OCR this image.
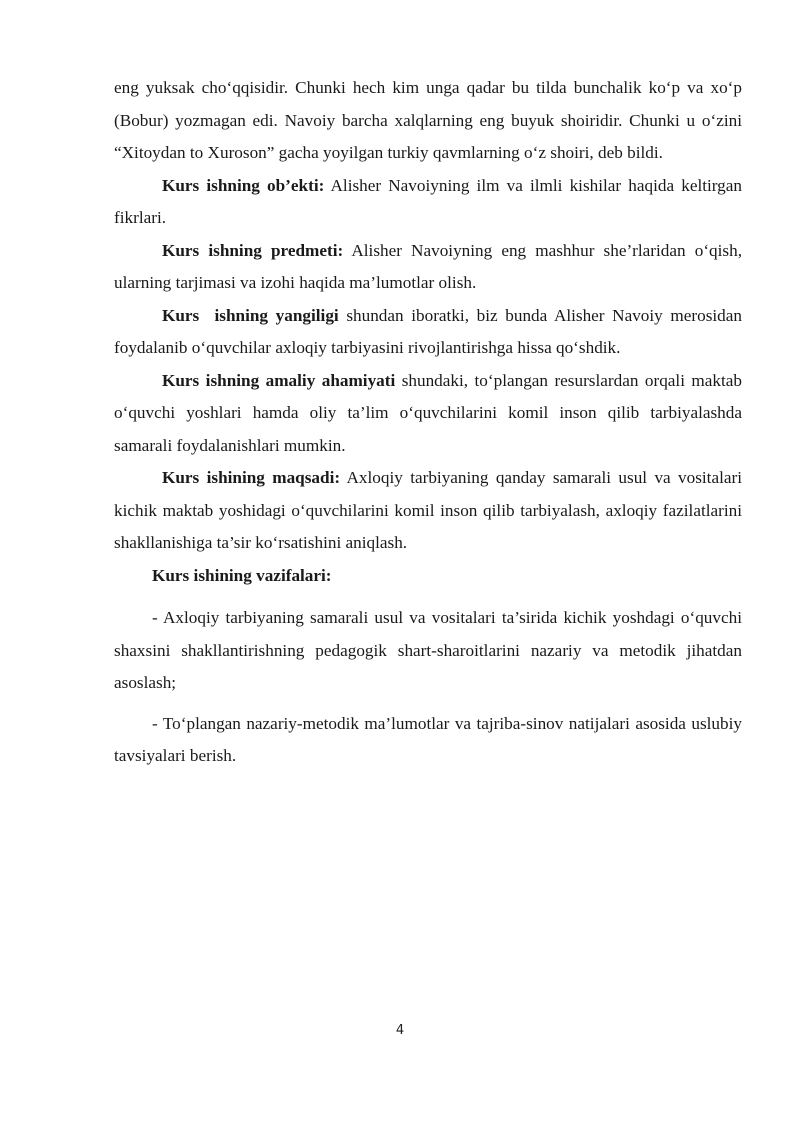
eng yuksak cho‘qqisidir. Chunki hech kim unga qadar bu tilda bunchalik ko‘p va xo‘p (Bobur) yozmagan edi. Navoiy barcha xalqlarning eng buyuk shoiridir. Chunki u o‘zini “Xitoydan to Xuroson” gacha yoyilgan turkiy qavmlarning o‘z shoiri, deb bildi.

Kurs ishning ob’ekti: Alisher Navoiyning ilm va ilmli kishilar haqida keltirgan fikrlari.

Kurs ishning predmeti: Alisher Navoiyning eng mashhur she’rlaridan o‘qish, ularning tarjimasi va izohi haqida ma’lumotlar olish.

Kurs  ishning yangiligi shundan iboratki, biz bunda Alisher Navoiy merosidan foydalanib o‘quvchilar axloqiy tarbiyasini rivojlantirishga hissa qo‘shdik.

Kurs ishning amaliy ahamiyati shundaki, to‘plangan resurslardan orqali maktab o‘quvchi yoshlari hamda oliy ta’lim o‘quvchilarini komil inson qilib tarbiyalashda samarali foydalanishlari mumkin.

Kurs ishining maqsadi: Axloqiy tarbiyaning qanday samarali usul va vositalari kichik maktab yoshidagi o‘quvchilarini komil inson qilib tarbiyalash, axloqiy fazilatlarini shakllanishiga ta’sir ko‘rsatishini aniqlash.

Kurs ishining vazifalari:

- Axloqiy tarbiyaning samarali usul va vositalari ta’sirida kichik yoshdagi o‘quvchi shaxsini shakllantirishning pedagogik shart-sharoitlarini nazariy va metodik jihatdan asoslash;

- To‘plangan nazariy-metodik ma’lumotlar va tajriba-sinov natijalari asosida uslubiy tavsiyalari berish.

4
